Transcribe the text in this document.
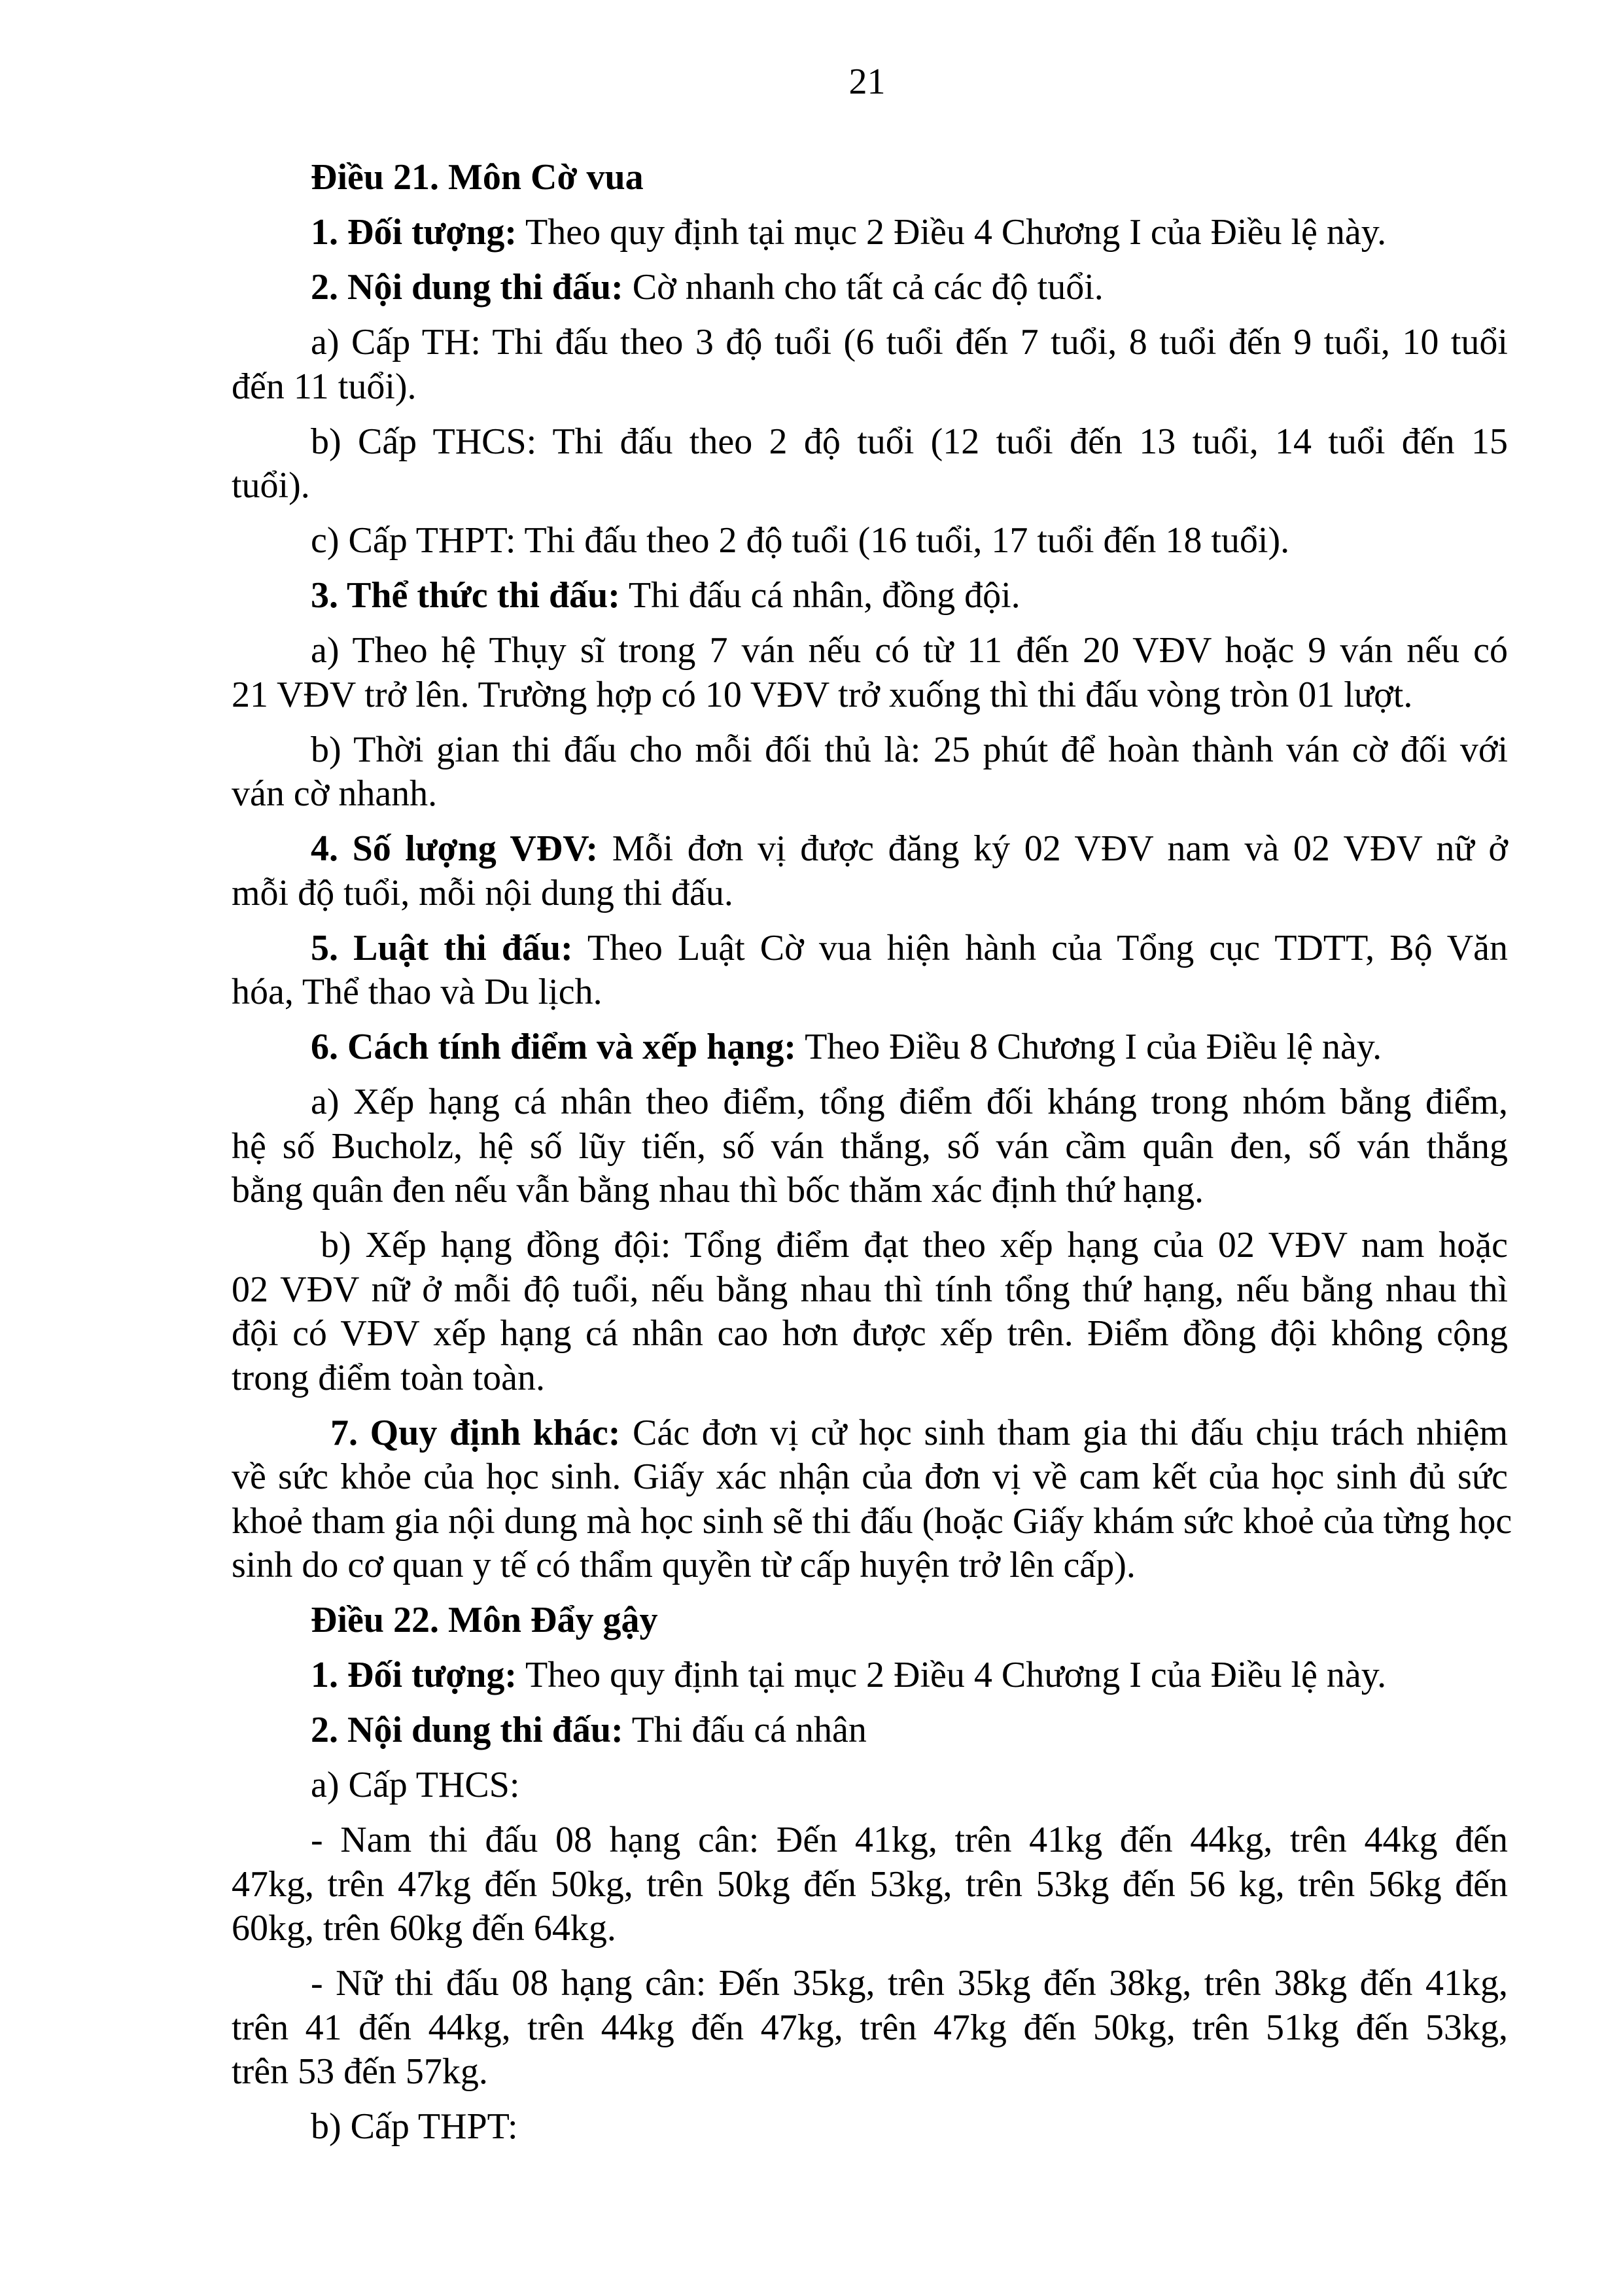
21
Điều 21. Môn Cờ vua
1. Đối tượng: Theo quy định tại mục 2 Điều 4 Chương I của Điều lệ này.
2. Nội dung thi đấu: Cờ nhanh cho tất cả các độ tuổi.
a) Cấp TH: Thi đấu theo 3 độ tuổi (6 tuổi đến 7 tuổi, 8 tuổi đến 9 tuổi, 10 tuổi
đến 11 tuổi).
b) Cấp THCS: Thi đấu theo 2 độ tuổi (12 tuổi đến 13 tuổi, 14 tuổi đến 15
tuổi).
c) Cấp THPT: Thi đấu theo 2 độ tuổi (16 tuổi, 17 tuổi đến 18 tuổi).
3. Thể thức thi đấu: Thi đấu cá nhân, đồng đội.
a) Theo hệ Thụy sĩ trong 7 ván nếu có từ 11 đến 20 VĐV hoặc 9 ván nếu có
21 VĐV trở lên. Trường hợp có 10 VĐV trở xuống thì thi đấu vòng tròn 01 lượt.
b) Thời gian thi đấu cho mỗi đối thủ là: 25 phút để hoàn thành ván cờ đối với
ván cờ nhanh.
4. Số lượng VĐV: Mỗi đơn vị được đăng ký 02 VĐV nam và 02 VĐV nữ ở
mỗi độ tuổi, mỗi nội dung thi đấu.
5. Luật thi đấu: Theo Luật Cờ vua hiện hành của Tổng cục TDTT, Bộ Văn
hóa, Thể thao và Du lịch.
6. Cách tính điểm và xếp hạng: Theo Điều 8 Chương I của Điều lệ này.
a) Xếp hạng cá nhân theo điểm, tổng điểm đối kháng trong nhóm bằng điểm,
hệ số Bucholz, hệ số lũy tiến, số ván thắng, số ván cầm quân đen, số ván thắng
bằng quân đen nếu vẫn bằng nhau thì bốc thăm xác định thứ hạng.
b) Xếp hạng đồng đội: Tổng điểm đạt theo xếp hạng của 02 VĐV nam hoặc
02 VĐV nữ ở mỗi độ tuổi, nếu bằng nhau thì tính tổng thứ hạng, nếu bằng nhau thì
đội có VĐV xếp hạng cá nhân cao hơn được xếp trên. Điểm đồng đội không cộng
trong điểm toàn toàn.
7. Quy định khác: Các đơn vị cử học sinh tham gia thi đấu chịu trách nhiệm
về sức khỏe của học sinh. Giấy xác nhận của đơn vị về cam kết của học sinh đủ sức
khoẻ tham gia nội dung mà học sinh sẽ thi đấu (hoặc Giấy khám sức khoẻ của từng học
sinh do cơ quan y tế có thẩm quyền từ cấp huyện trở lên cấp).
Điều 22. Môn Đẩy gậy
1. Đối tượng: Theo quy định tại mục 2 Điều 4 Chương I của Điều lệ này.
2. Nội dung thi đấu: Thi đấu cá nhân
a) Cấp THCS:
- Nam thi đấu 08 hạng cân: Đến 41kg, trên 41kg đến 44kg, trên 44kg đến
47kg, trên 47kg đến 50kg, trên 50kg đến 53kg, trên 53kg đến 56 kg, trên 56kg đến
60kg, trên 60kg đến 64kg.
- Nữ thi đấu 08 hạng cân: Đến 35kg, trên 35kg đến 38kg, trên 38kg đến 41kg,
trên 41 đến 44kg, trên 44kg đến 47kg, trên 47kg đến 50kg, trên 51kg đến 53kg,
trên 53 đến 57kg.
b) Cấp THPT:
